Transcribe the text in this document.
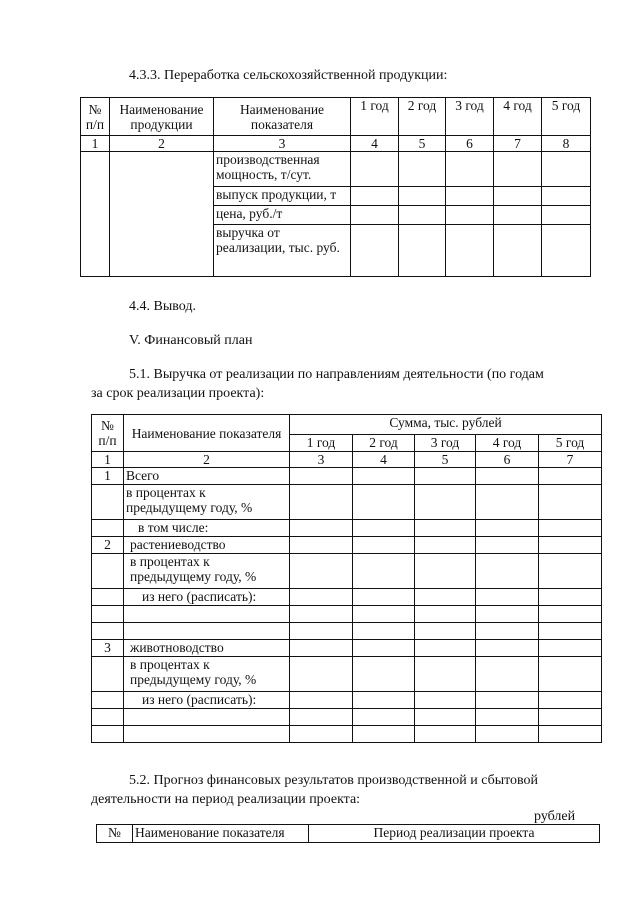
4.3.3. Переработка сельскохозяйственной продукции:
№ п/п	Наименование продукции	Наименование показателя	1 год	2 год	3 год	4 год	5 год
1	2	3	4	5	6	7	8
		производственная мощность, т/сут.					
		выпуск продукции, т					
		цена, руб./т					
		выручка от реализации, тыс. руб.					
4.4. Вывод.
V. Финансовый план
5.1. Выручка от реализации по направлениям деятельности (по годам
за срок реализации проекта):
№ п/п	Наименование показателя	Сумма, тыс. рублей				
		1 год	2 год	3 год	4 год	5 год
1	2	3	4	5	6	7
1	Всего					
	в процентах к предыдущему году, %					
	в том числе:					
2	растениеводство					
	в процентах к предыдущему году, %					
	из него (расписать):					

3	животноводство					
	в процентах к предыдущему году, %					
	из него (расписать):					

5.2. Прогноз финансовых результатов производственной и сбытовой
деятельности на период реализации проекта:
рублей
№	Наименование показателя	Период реализации проекта
